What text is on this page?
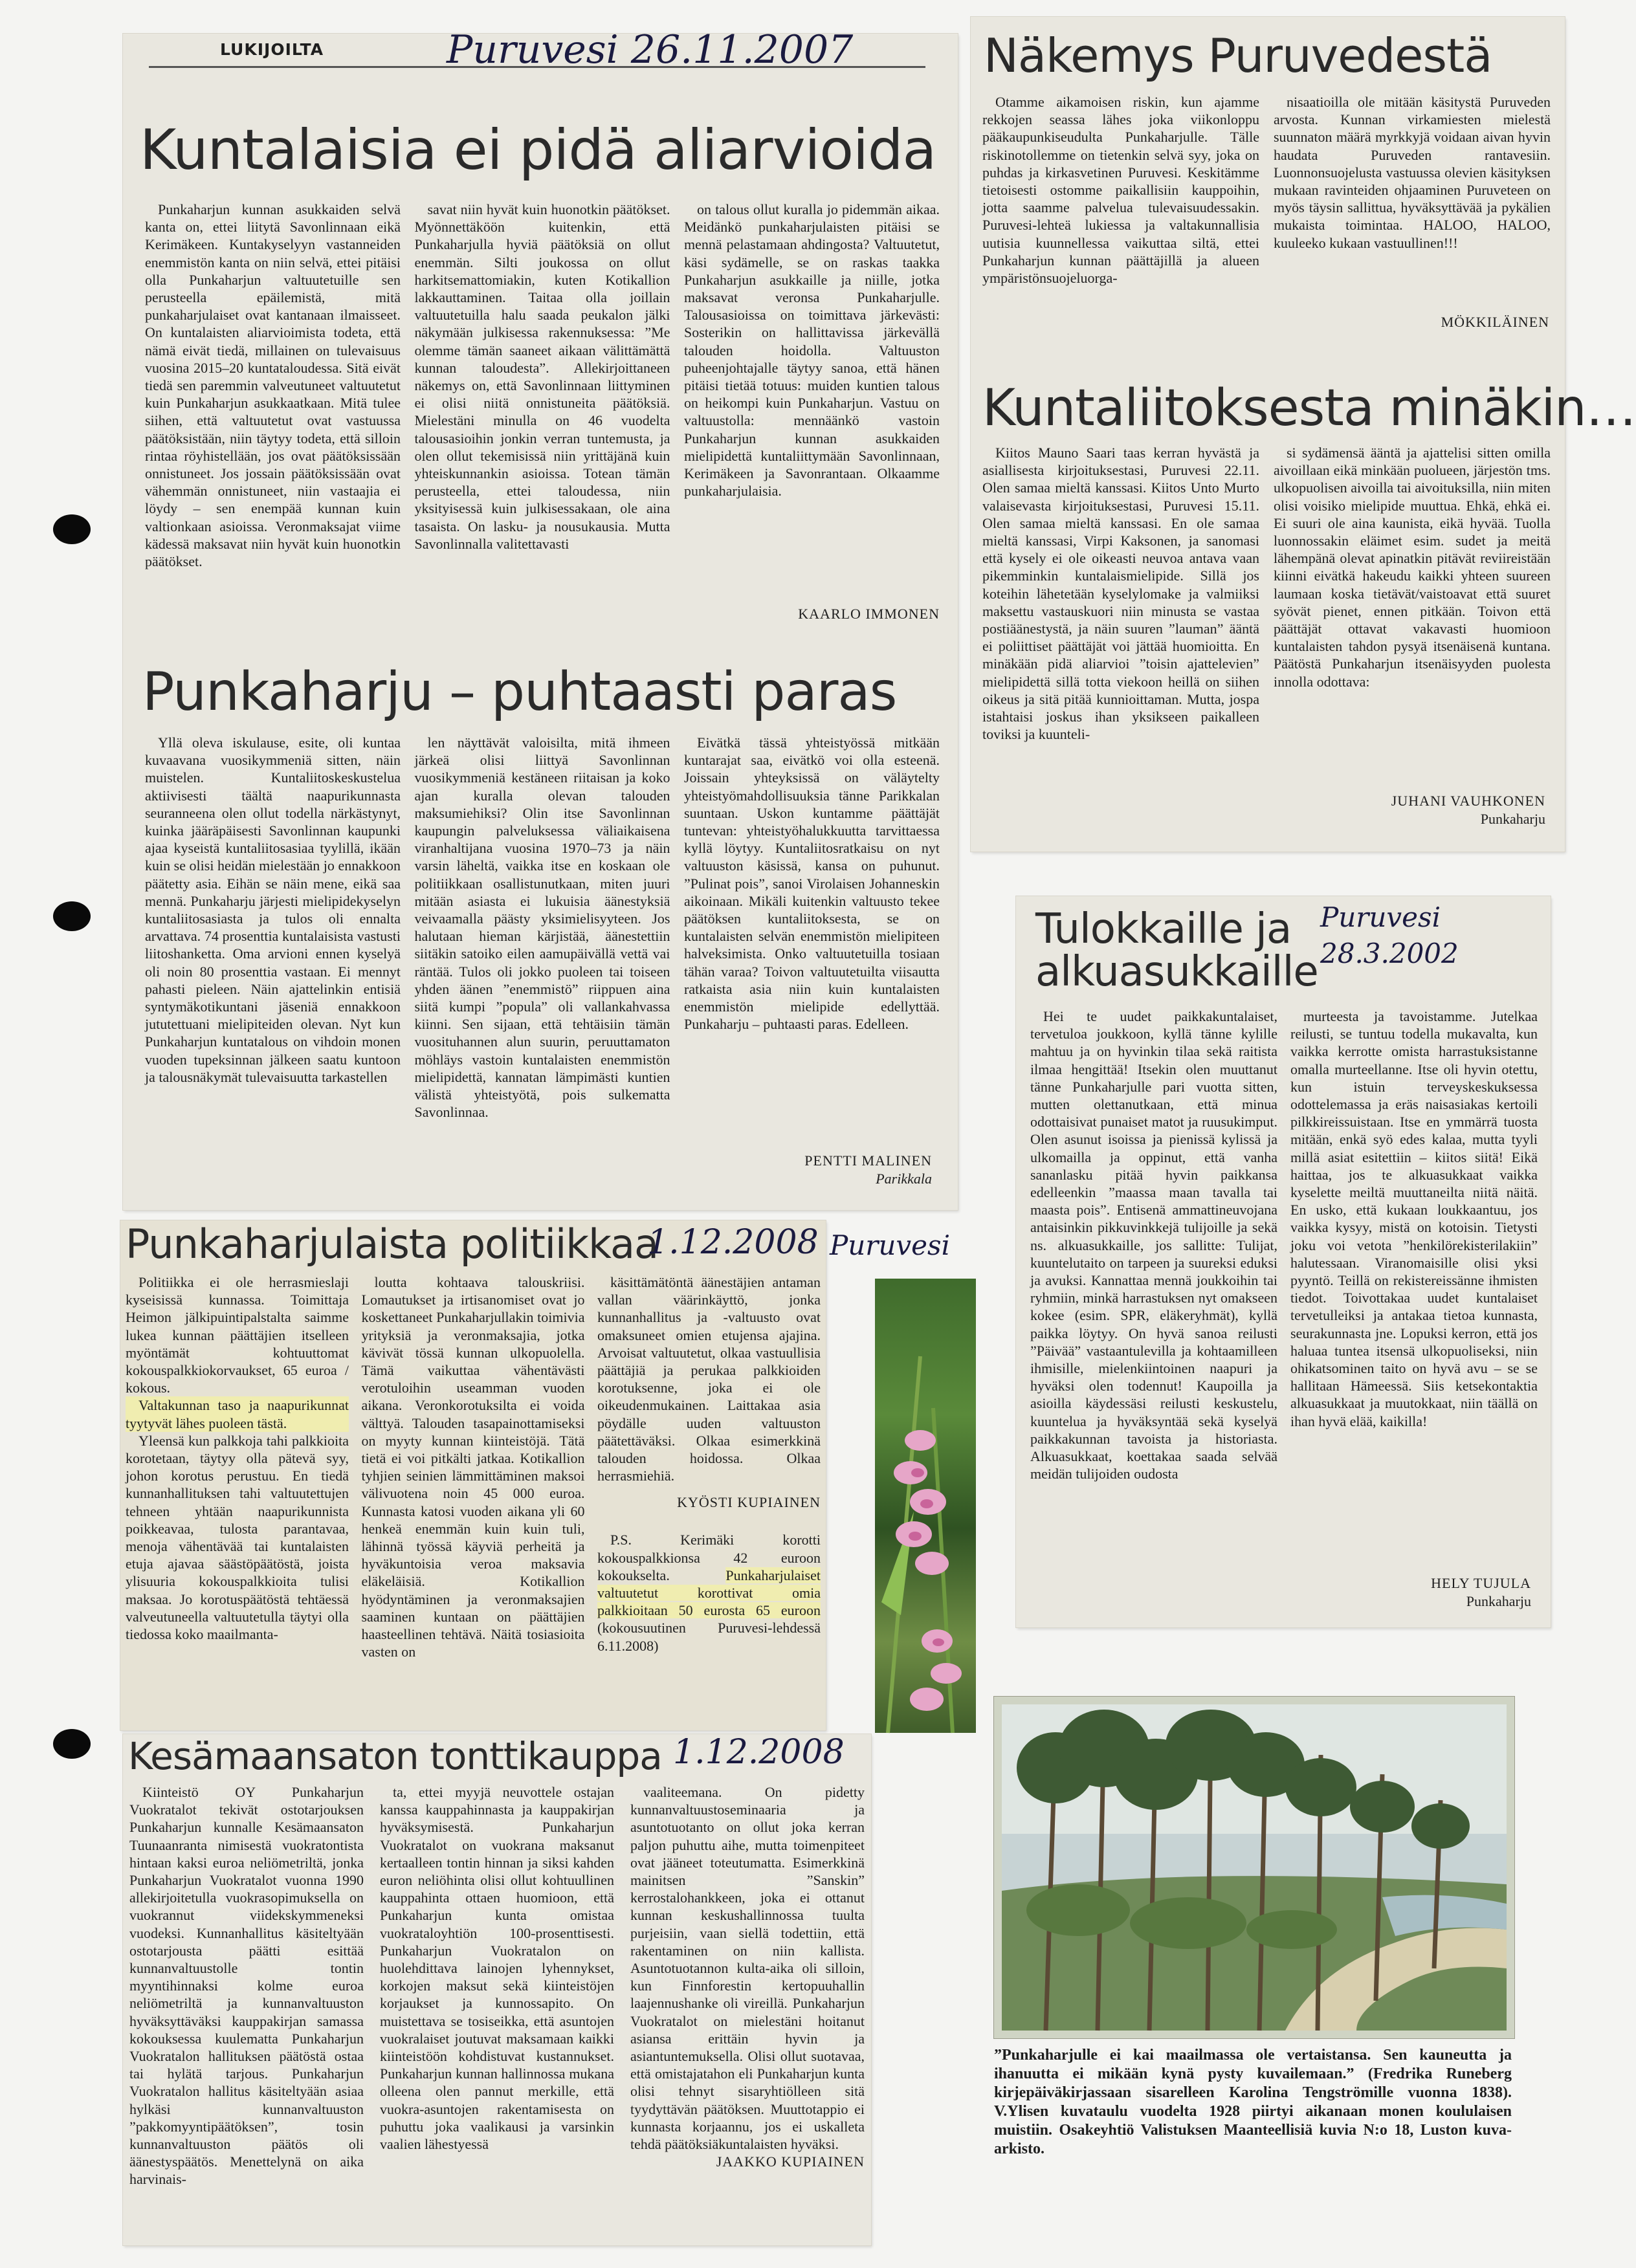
LUKIJOILTA
Kuntalaisia ei pidä aliarvioida

Punkaharjun kunnan asukkaiden selvä kanta on, ettei liitytä Savonlinnaan eikä Kerimäkeen. Kuntakyselyyn vastanneiden enemmistön kanta on niin selvä, ettei pitäisi olla Punkaharjun valtuutetuille sen perusteella epäilemistä, mitä punkaharjulaiset ovat kantanaan ilmaisseet. On kuntalaisten aliarvioimista todeta, että nämä eivät tiedä, millainen on tulevaisuus vuosina 2015–20 kuntataloudessa. Sitä eivät tiedä sen paremmin valveutuneet valtuutetut kuin Punkaharjun asukkaatkaan. Mitä tulee siihen, että valtuutetut ovat vastuussa päätöksistään, niin täytyy todeta, että silloin rintaa röyhistellään, jos ovat päätöksissään onnistuneet. Jos jossain päätöksissään ovat vähemmän onnistuneet, niin vastaajia ei löydy – sen enempää kunnan kuin valtionkaan asioissa. Veronmaksajat viime kädessä maksavat niin hyvät kuin huonotkin päätökset.

savat niin hyvät kuin huonotkin päätökset. Myönnettäköön kuitenkin, että Punkaharjulla hyviä päätöksiä on ollut enemmän. Silti joukossa on ollut harkitsemattomiakin, kuten Kotikallion lakkauttaminen. Taitaa olla joillain valtuutetuilla halu saada peukalon jälki näkymään julkisessa rakennuksessa: ”Me olemme tämän saaneet aikaan välittämättä kunnan taloudesta”. Allekirjoittaneen näkemys on, että Savonlinnaan liittyminen ei olisi niitä onnistuneita päätöksiä. Mielestäni minulla on 46 vuodelta talousasioihin jonkin verran tuntemusta, ja olen ollut tekemisissä niin yrittäjänä kuin yhteiskunnankin asioissa. Totean tämän perusteella, ettei taloudessa, niin yksityisessä kuin julkisessakaan, ole aina tasaista. On lasku- ja nousukausia. Mutta Savonlinnalla valitettavasti

on talous ollut kuralla jo pidemmän aikaa. Meidänkö punkaharjulaisten pitäisi se mennä pelastamaan ahdingosta? Valtuutetut, käsi sydämelle, se on raskas taakka Punkaharjun asukkaille ja niille, jotka maksavat veronsa Punkaharjulle. Talousasioissa on toimittava järkevästi: Sosterikin on hallittavissa järkevällä talouden hoidolla. Valtuuston puheenjohtajalle täytyy sanoa, että hänen pitäisi tietää totuus: muiden kuntien talous on heikompi kuin Punkaharjun. Vastuu on valtuustolla: mennäänkö vastoin Punkaharjun kunnan asukkaiden mielipidettä kuntaliittymään Savonlinnaan, Kerimäkeen ja Savonrantaan. Olkaamme punkaharjulaisia.

KAARLO IMMONEN
Punkaharju – puhtaasti paras

Yllä oleva iskulause, esite, oli kuntaa kuvaavana vuosikymmeniä sitten, näin muistelen. Kuntaliitoskeskustelua aktiivisesti täältä naapurikunnasta seuranneena olen ollut todella närkästynyt, kuinka jääräpäisesti Savonlinnan kaupunki ajaa kyseistä kuntaliitosasiaa tyylillä, ikään kuin se olisi heidän mielestään jo ennakkoon päätetty asia. Eihän se näin mene, eikä saa mennä. Punkaharju järjesti mielipidekyselyn kuntaliitosasiasta ja tulos oli ennalta arvattava. 74 prosenttia kuntalaisista vastusti liitoshanketta. Oma arvioni ennen kyselyä oli noin 80 prosenttia vastaan. Ei mennyt pahasti pieleen. Näin ajattelinkin entisiä syntymäkotikuntani jäseniä ennakkoon jututettuani mielipiteiden olevan. Nyt kun Punkaharjun kuntatalous on vihdoin monen vuoden tupeksinnan jälkeen saatu kuntoon ja talousnäkymät tulevaisuutta tarkastellen

len näyttävät valoisilta, mitä ihmeen järkeä olisi liittyä Savonlinnan vuosikymmeniä kestäneen riitaisan ja koko ajan kuralla olevan talouden maksumiehiksi? Olin itse Savonlinnan kaupungin palveluksessa väliaikaisena viranhaltijana vuosina 1970–73 ja näin varsin läheltä, vaikka itse en koskaan ole politiikkaan osallistunutkaan, miten juuri mitään asiasta ei lukuisia äänestyksiä veivaamalla päästy yksimielisyyteen. Jos halutaan hieman kärjistää, äänestettiin siitäkin satoiko eilen aamupäivällä vettä vai räntää. Tulos oli jokko puoleen tai toiseen yhden äänen ”enemmistö” riippuen aina siitä kumpi ”popula” oli vallankahvassa kiinni. Sen sijaan, että tehtäisiin tämän vuosituhannen alun suurin, peruuttamaton möhläys vastoin kuntalaisten enemmistön mielipidettä, kannatan lämpimästi kuntien välistä yhteistyötä, pois sulkematta Savonlinnaa.

Eivätkä tässä yhteistyössä mitkään kuntarajat saa, eivätkö voi olla esteenä. Joissain yhteyksissä on väläytelty yhteistyömahdollisuuksia tänne Parikkalan suuntaan. Uskon kuntamme päättäjät tuntevan: yhteistyöhalukkuutta tarvittaessa kyllä löytyy. Kuntaliitosratkaisu on nyt valtuuston käsissä, kansa on puhunut. ”Pulinat pois”, sanoi Virolaisen Johanneskin aikoinaan. Mikäli kuitenkin valtuusto tekee päätöksen kuntaliitoksesta, se on kuntalaisten selvän enemmistön mielipiteen halveksimista. Onko valtuutetuilla tosiaan tähän varaa? Toivon valtuutetuilta viisautta ratkaista asia niin kuin kuntalaisten enemmistön mielipide edellyttää. Punkaharju – puhtaasti paras. Edelleen.

PENTTI MALINEN
Parikkala
Puruvesi 26.11.2007	Näkemys Puruvedestä

Otamme aikamoisen riskin, kun ajamme rekkojen seassa lähes joka viikonloppu pääkaupunkiseudulta Punkaharjulle. Tälle riskinotollemme on tietenkin selvä syy, joka on puhdas ja kirkasvetinen Puruvesi. Keskitämme tietoisesti ostomme paikallisiin kauppoihin, jotta saamme palvelua tulevaisuudessakin. Puruvesi-lehteä lukiessa ja valtakunnallisia uutisia kuunnellessa vaikuttaa siltä, ettei Punkaharjun kunnan päättäjillä ja alueen ympäristönsuojeluorga-

nisaatioilla ole mitään käsitystä Puruveden arvosta. Kunnan virkamiesten mielestä suunnaton määrä myrkkyjä voidaan aivan hyvin haudata Puruveden rantavesiin. Luonnonsuojelusta vastuussa olevien käsityksen mukaan ravinteiden ohjaaminen Puruveteen on myös täysin sallittua, hyväksyttävää ja pykälien mukaista toimintaa. HALOO, HALOO, kuuleeko kukaan vastuullinen!!!

MÖKKILÄINEN
Kuntaliitoksesta minäkin…

Kiitos Mauno Saari taas kerran hyvästä ja asiallisesta kirjoituksestasi, Puruvesi 22.11. Olen samaa mieltä kanssasi. Kiitos Unto Murto valaisevasta kirjoituksestasi, Puruvesi 15.11. Olen samaa mieltä kanssasi. En ole samaa mieltä kanssasi, Virpi Kaksonen, ja sanomasi että kysely ei ole oikeasti neuvoa antava vaan pikemminkin kuntalaismielipide. Sillä jos koteihin lähetetään kyselylomake ja valmiiksi maksettu vastauskuori niin minusta se vastaa postiäänestystä, ja näin suuren ”lauman” ääntä ei poliittiset päättäjät voi jättää huomioitta. En minäkään pidä aliarvioi ”toisin ajattelevien” mielipidettä sillä totta viekoon heillä on siihen oikeus ja sitä pitää kunnioittaman. Mutta, jospa istahtaisi joskus ihan yksikseen paikalleen toviksi ja kuunteli-

si sydämensä ääntä ja ajattelisi sitten omilla aivoillaan eikä minkään puolueen, järjestön tms. ulkopuolisen aivoilla tai aivoituksilla, niin miten olisi voisiko mielipide muuttua. Ehkä, ehkä ei. Ei suuri ole aina kaunista, eikä hyvää. Tuolla luonnossakin eläimet esim. sudet ja meitä lähempänä olevat apinatkin pitävät reviireistään kiinni eivätkä hakeudu kaikki yhteen suureen laumaan koska tietävät/vaistoavat että suuret syövät pienet, ennen pitkään. Toivon että päättäjät ottavat vakavasti huomioon kuntalaisten tahdon pysyä itsenäisenä kuntana. Päätöstä Punkaharjun itsenäisyyden puolesta innolla odottava:

JUHANI VAUHKONEN
Punkaharju
Tulokkaille ja
alkuasukkaille

Hei te uudet paikkakuntalaiset, tervetuloa joukkoon, kyllä tänne kylille mahtuu ja on hyvinkin tilaa sekä raitista ilmaa hengittää! Itsekin olen muuttanut tänne Punkaharjulle pari vuotta sitten, mutten olettanutkaan, että minua odottaisivat punaiset matot ja ruusukimput. Olen asunut isoissa ja pienissä kylissä ja ulkomailla ja oppinut, että vanha sananlasku pitää hyvin paikkansa edelleenkin ”maassa maan tavalla tai maasta pois”. Entisenä ammattineuvojana antaisinkin pikkuvinkkejä tulijoille ja sekä ns. alkuasukkaille, jos sallitte: Tulijat, kuuntelutaito on tarpeen ja suureksi eduksi ja avuksi. Kannattaa mennä joukkoihin tai ryhmiin, minkä harrastuksen nyt omakseen kokee (esim. SPR, eläkeryhmät), kyllä paikka löytyy. On hyvä sanoa reilusti ”Päivää” vastaantulevilla ja kohtaamilleen ihmisille, mielenkiintoinen naapuri ja hyväksi olen todennut! Kaupoilla ja asioilla käydessäsi reilusti keskustelu, kuuntelua ja hyväksyntää sekä kyselyä paikkakunnan tavoista ja historiasta. Alkuasukkaat, koettakaa saada selvää meidän tulijoiden oudosta

murteesta ja tavoistamme. Jutelkaa reilusti, se tuntuu todella mukavalta, kun vaikka kerrotte omista harrastuksistanne omalla murteellanne. Itse oli hyvin otettu, kun istuin terveyskeskuksessa odottelemassa ja eräs naisasiakas kertoili pilkkireissuistaan. Itse en ymmärrä tuosta mitään, enkä syö edes kalaa, mutta tyyli millä asiat esitettiin – kiitos siitä! Eikä haittaa, jos te alkuasukkaat vaikka kyselette meiltä muuttaneilta niitä näitä. En usko, että kukaan loukkaantuu, jos vaikka kysyy, mistä on kotoisin. Tietysti joku voi vetota ”henkilörekisterilakiin” halutessaan. Viranomaisille olisi yksi pyyntö. Teillä on rekistereissänne ihmisten tiedot. Toivottakaa uudet kuntalaiset tervetulleiksi ja antakaa tietoa kunnasta, seurakunnasta jne. Lopuksi kerron, että jos haluaa tuntea itsensä ulkopuoliseksi, niin ohikatsominen taito on hyvä avu – se se hallitaan Hämeessä. Siis ketsekontaktia alkuasukkaat ja muutokkaat, niin täällä on ihan hyvä elää, kaikilla!

HELY TUJULA
Punkaharju
Puruvesi 28.3.2002
Punkaharjulaista politiikkaa

Politiikka ei ole herrasmieslaji kyseisissä kunnassa. Toimittaja Heimon jälkipuintipalstalta saimme lukea kunnan päättäjien itselleen myöntämät kohtuuttomat kokouspalkkiokorvaukset, 65 euroa / kokous.

Valtakunnan taso ja naapurikunnat tyytyvät lähes puoleen tästä.

Yleensä kun palkkoja tahi palkkioita korotetaan, täytyy olla pätevä syy, johon korotus perustuu. En tiedä kunnanhallituksen tahi valtuutettujen tehneen yhtään naapurikunnista poikkeavaa, tulosta parantavaa, menoja vähentävää tai kuntalaisten etuja ajavaa säästöpäätöstä, joista ylisuuria kokouspalkkioita tulisi maksaa. Jo korotuspäätöstä tehtäessä valveutuneella valtuutetulla täytyi olla tiedossa koko maailmanta-

loutta kohtaava talouskriisi. Lomautukset ja irtisanomiset ovat jo koskettaneet Punkaharjullakin toimivia yrityksiä ja veronmaksajia, jotka kävivät tössä kunnan ulkopuolella. Tämä vaikuttaa vähentävästi verotuloihin useamman vuoden aikana. Veronkorotuksilta ei voida välttyä. Talouden tasapainottamiseksi on myyty kunnan kiinteistöjä. Tätä tietä ei voi pitkälti jatkaa. Kotikallion tyhjien seinien lämmittäminen maksoi välivuotena noin 45 000 euroa. Kunnasta katosi vuoden aikana yli 60 henkeä enemmän kuin kuin tuli, lähinnä työssä käyviä perheitä ja hyväkuntoisia veroa maksavia eläkeläisiä. Kotikallion hyödyntäminen ja veronmaksajien saaminen kuntaan on päättäjien haasteellinen tehtävä. Näitä tosiasioita vasten on

käsittämätöntä äänestäjien antaman vallan väärinkäyttö, jonka kunnanhallitus ja -valtuusto ovat omaksuneet omien etujensa ajajina. Arvoisat valtuutetut, olkaa vastuullisia päättäjiä ja perukaa palkkioiden korotuksenne, joka ei ole oikeudenmukainen. Laittakaa asia pöydälle uuden valtuuston päätettäväksi. Olkaa esimerkkinä talouden hoidossa. Olkaa herrasmiehiä.

KYÖSTI KUPIAINEN

P.S. Kerimäki korotti kokouspalkkionsa 42 euroon kokoukselta.	Punkaharjulaiset valtuutetut korottivat omia palkkioitaan 50 eurosta 65 euroon (kokousuutinen Puruvesi-lehdessä 6.11.2008)

1.12.2008 Puruvesi
Kesämaansaton tonttikauppa

Kiinteistö OY Punkaharjun Vuokratalot tekivät ostotarjouksen Punkaharjun kunnalle Kesämaansaton Tuunaanranta nimisestä vuokratontista hintaan kaksi euroa neliömetriltä, jonka Punkaharjun Vuokratalot vuonna 1990 allekirjoitetulla vuokrasopimuksella on vuokrannut viidekskymmeneksi vuodeksi. Kunnanhallitus käsiteltyään ostotarjousta päätti esittää kunnanvaltuustolle tontin myyntihinnaksi kolme euroa neliömetriltä ja kunnanvaltuuston hyväksyttäväksi kauppakirjan samassa kokouksessa kuulematta Punkaharjun Vuokratalon hallituksen päätöstä ostaa tai hylätä tarjous. Punkaharjun Vuokratalon hallitus käsiteltyään asiaa hylkäsi kunnanvaltuuston ”pakkomyyntipäätöksen”, tosin kunnanvaltuuston päätös oli äänestyspäätös. Menettelynä on aika harvinais-

ta, ettei myyjä neuvottele ostajan kanssa kauppahinnasta ja kauppakirjan hyväksymisestä. Punkaharjun Vuokratalot on vuokrana maksanut kertaalleen tontin hinnan ja siksi kahden euron neliöhinta olisi ollut kohtuullinen kauppahinta ottaen huomioon, että Punkaharjun kunta omistaa vuokrataloyhtiön 100-prosenttisesti. Punkaharjun Vuokratalon on huolehdittava lainojen lyhennykset, korkojen maksut sekä kiinteistöjen korjaukset ja kunnossapito. On muistettava se tosiseikka, että asuntojen vuokralaiset joutuvat maksamaan kaikki kiinteistöön kohdistuvat kustannukset. Punkaharjun kunnan hallinnossa mukana olleena olen pannut merkille, että vuokra-asuntojen rakentamisesta on puhuttu joka vaalikausi ja varsinkin vaalien lähestyessä

vaaliteemana. On pidetty kunnanvaltuustoseminaaria ja asuntotuotanto on ollut joka kerran paljon puhuttu aihe, mutta toimenpiteet ovat jääneet toteutumatta. Esimerkkinä mainitsen ”Sanskin” kerrostalohankkeen, joka ei ottanut kunnan keskushallinnossa tuulta purjeisiin, vaan siellä todettiin, että rakentaminen on niin kallista. Asuntotuotannon kulta-aika oli silloin, kun Finnforestin kertopuuhallin laajennushanke oli vireillä. Punkaharjun Vuokratalot on mielestäni hoitanut asiansa erittäin hyvin ja asiantuntemuksella. Olisi ollut suotavaa, että omistajatahon eli Punkaharjun kunta olisi tehnyt sisaryhtiölleen sitä tyydyttävän päätöksen. Muuttotappio ei kunnasta korjaannu, jos ei uskalleta tehdä päätöksiäkuntalaisten hyväksi.

JAAKKO KUPIAINEN
1.12.2008
”Punkaharjulle ei kai maailmassa ole vertaistansa. Sen kauneutta ja ihanuutta ei mikään kynä pysty kuvailemaan.” (Fredrika Runeberg kirjepäiväkirjassaan sisarelleen Karolina Tengströmille vuonna 1838). V.Ylisen kuvataulu vuodelta 1928 piirtyi aikanaan monen koululaisen muistiin. Osakeyhtiö Valistuksen Maanteellisiä kuvia N:o 18, Luston kuva-arkisto.
